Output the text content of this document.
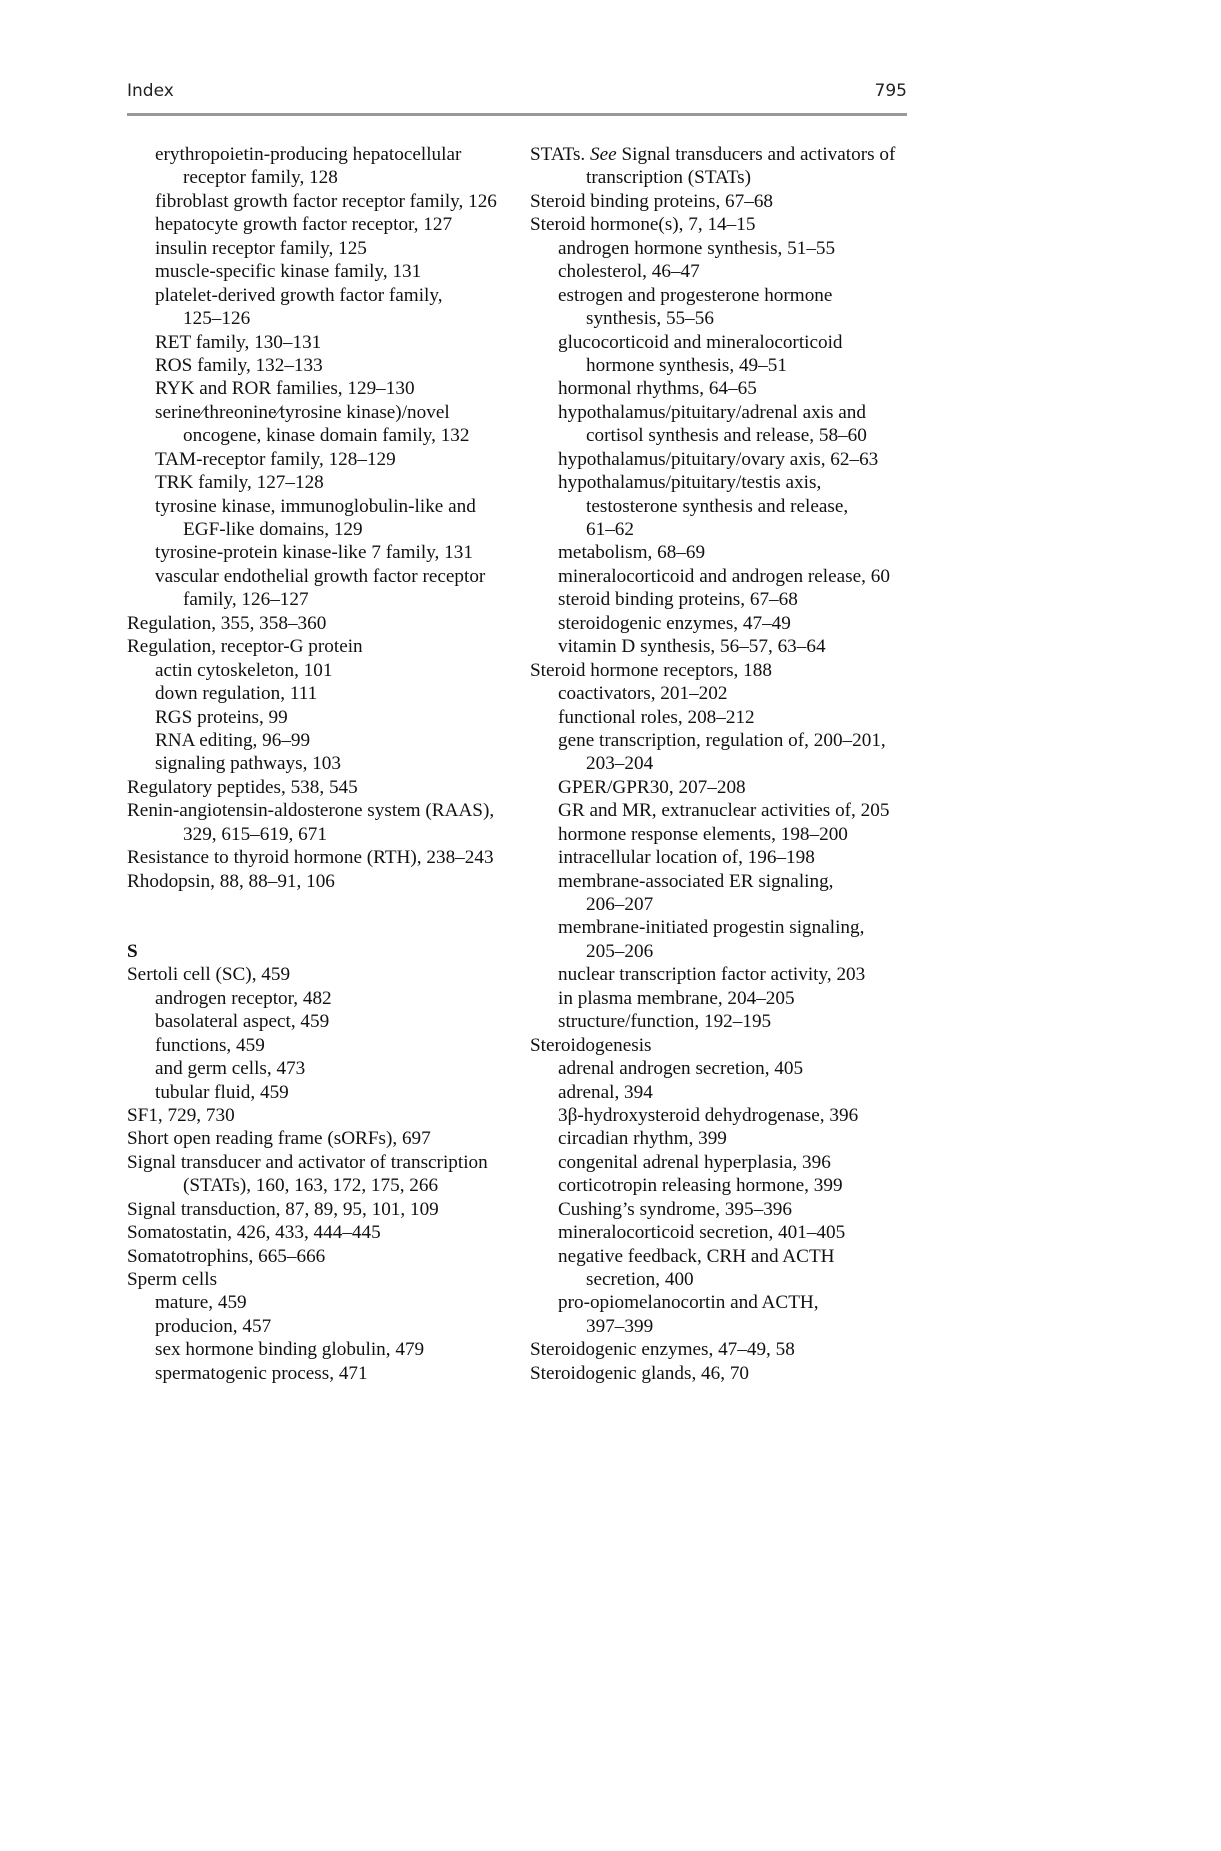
Index	795
erythropoietin-producing hepatocellular
receptor family, 128
fibroblast growth factor receptor family, 126
hepatocyte growth factor receptor, 127
insulin receptor family, 125
muscle-specific kinase family, 131
platelet-derived growth factor family,
125–126
RET family, 130–131
ROS family, 132–133
RYK and ROR families, 129–130
serine⁄threonine⁄tyrosine kinase)/novel
oncogene, kinase domain family, 132
TAM-receptor family, 128–129
TRK family, 127–128
tyrosine kinase, immunoglobulin-like and
EGF-like domains, 129
tyrosine-protein kinase-like 7 family, 131
vascular endothelial growth factor receptor
family, 126–127
Regulation, 355, 358–360
Regulation, receptor-G protein
actin cytoskeleton, 101
down regulation, 111
RGS proteins, 99
RNA editing, 96–99
signaling pathways, 103
Regulatory peptides, 538, 545
Renin-angiotensin-aldosterone system (RAAS),
329, 615–619, 671
Resistance to thyroid hormone (RTH), 238–243
Rhodopsin, 88, 88–91, 106
S
Sertoli cell (SC), 459
androgen receptor, 482
basolateral aspect, 459
functions, 459
and germ cells, 473
tubular fluid, 459
SF1, 729, 730
Short open reading frame (sORFs), 697
Signal transducer and activator of transcription
(STATs), 160, 163, 172, 175, 266
Signal transduction, 87, 89, 95, 101, 109
Somatostatin, 426, 433, 444–445
Somatotrophins, 665–666
Sperm cells
mature, 459
producion, 457
sex hormone binding globulin, 479
spermatogenic process, 471
STATs. See Signal transducers and activators of
transcription (STATs)
Steroid binding proteins, 67–68
Steroid hormone(s), 7, 14–15
androgen hormone synthesis, 51–55
cholesterol, 46–47
estrogen and progesterone hormone
synthesis, 55–56
glucocorticoid and mineralocorticoid
hormone synthesis, 49–51
hormonal rhythms, 64–65
hypothalamus/pituitary/adrenal axis and
cortisol synthesis and release, 58–60
hypothalamus/pituitary/ovary axis, 62–63
hypothalamus/pituitary/testis axis,
testosterone synthesis and release,
61–62
metabolism, 68–69
mineralocorticoid and androgen release, 60
steroid binding proteins, 67–68
steroidogenic enzymes, 47–49
vitamin D synthesis, 56–57, 63–64
Steroid hormone receptors, 188
coactivators, 201–202
functional roles, 208–212
gene transcription, regulation of, 200–201,
203–204
GPER/GPR30, 207–208
GR and MR, extranuclear activities of, 205
hormone response elements, 198–200
intracellular location of, 196–198
membrane-associated ER signaling,
206–207
membrane-initiated progestin signaling,
205–206
nuclear transcription factor activity, 203
in plasma membrane, 204–205
structure/function, 192–195
Steroidogenesis
adrenal androgen secretion, 405
adrenal, 394
3β-hydroxysteroid dehydrogenase, 396
circadian rhythm, 399
congenital adrenal hyperplasia, 396
corticotropin releasing hormone, 399
Cushing’s syndrome, 395–396
mineralocorticoid secretion, 401–405
negative feedback, CRH and ACTH
secretion, 400
pro-opiomelanocortin and ACTH,
397–399
Steroidogenic enzymes, 47–49, 58
Steroidogenic glands, 46, 70
